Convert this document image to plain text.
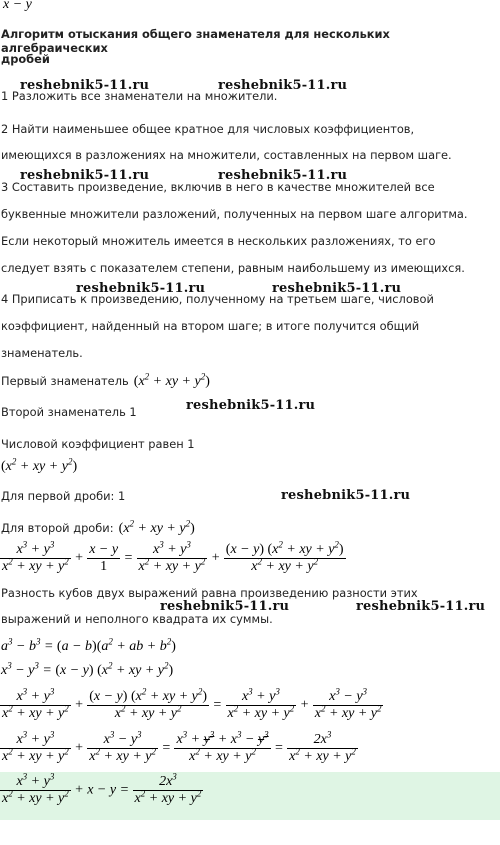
x − y
Алгоритм отыскания общего знаменателя для нескольких алгебраических
дробей
reshebnik5-11.ru	reshebnik5-11.ru
reshebnik5-11.ru	reshebnik5-11.ru
reshebnik5-11.ru	reshebnik5-11.ru
reshebnik5-11.ru
reshebnik5-11.ru
reshebnik5-11.ru	reshebnik5-11.ru
1 Разложить все знаменатели на множители.
2 Найти наименьшее общее кратное для числовых коэффициентов,
имеющихся в разложениях на множители, составленных на первом шаге.
3 Составить произведение, включив в него в качестве множителей все
буквенные множители разложений, полученных на первом шаге алгоритма.
Если некоторый множитель имеется в нескольких разложениях, то его
следует взять с показателем степени, равным наибольшему из имеющихся.
4 Приписать к произведению, полученному на третьем шаге, числовой
коэффициент, найденный на втором шаге; в итоге получится общий
знаменатель.
Первый знаменатель ($x^2$ + xy + $y^2$)
Второй знаменатель 1
Числовой коэффициент равен 1
($x^2$ + xy + $y^2$)
Для первой дроби: 1
Для второй дроби: ($x^2$ + xy + $y^2$)
$\frac{x^3 + y^3}{x^2 + xy + y^2} + \frac{x - y}{1} = \frac{x^3 + y^3}{x^2 + xy + y^2} + \frac{(x - y) (x^2 + xy + y^2)}{x^2 + xy + y^2}$
Разность кубов двух выражений равна произведению разности этих
выражений и неполного квадрата их суммы.
$a^3 - b^3 = (a - b)(a^2$ + ab + $b^2$)
$x^3 - y^3 = (x - y) (x^2$ + xy + $y^2$)
$\frac{x^3 + y^3}{x^2 + xy + y^2} + \frac{(x - y) (x^2 + xy + y^2)}{x^2 + xy + y^2} = \frac{x^3 + y^3}{x^2 + xy + y^2} + \frac{x^3 - y^3}{x^2 + xy + y^2}$
$\frac{x^3 + y^3}{x^2 + xy + y^2} + \frac{x^3 - y^3}{x^2 + xy + y^2} = \frac{x^3 + y^3 + x^3 - y^3}{x^2 + xy + y^2} = \frac{2x^3}{x^2 + xy + y^2}$
$\frac{x^3 + y^3}{x^2 + xy + y^2} + x - y = \frac{2x^3}{x^2 + xy + y^2}$
